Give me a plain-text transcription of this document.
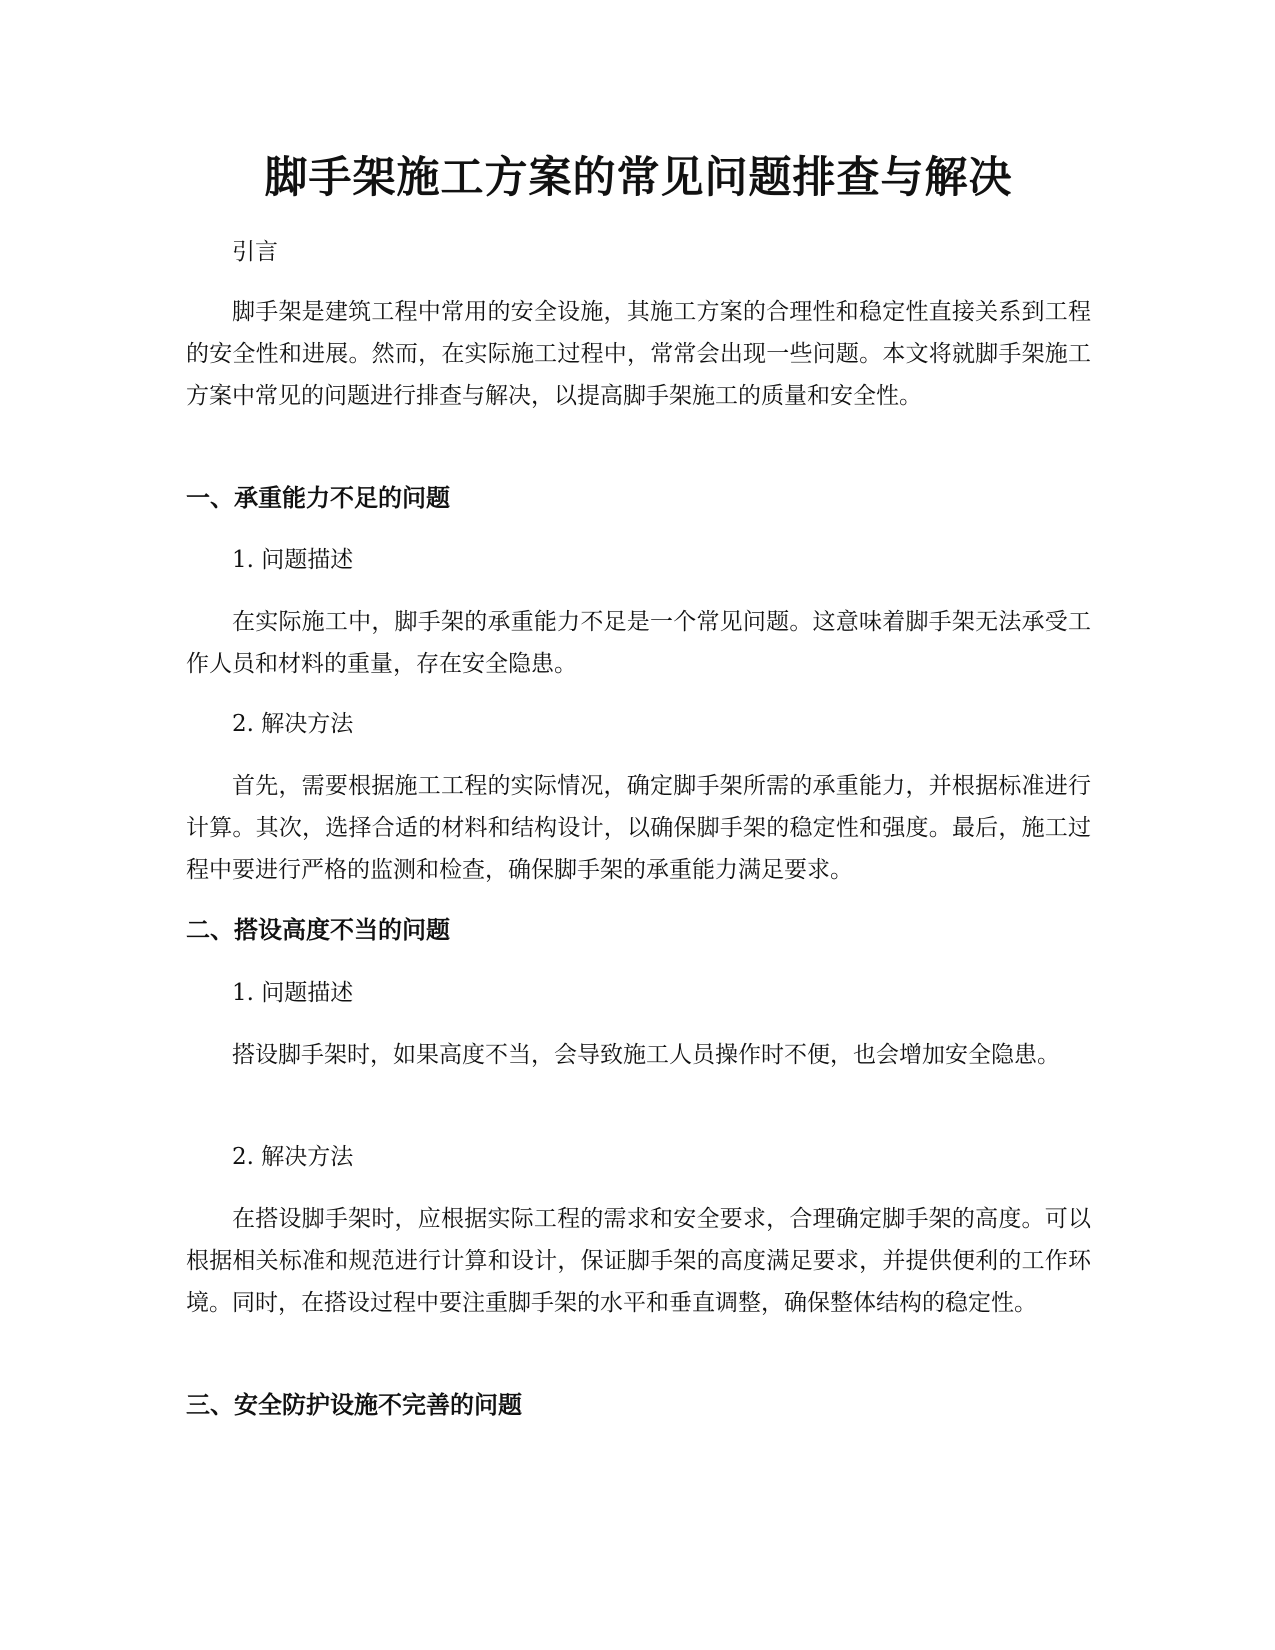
脚手架施工方案的常见问题排查与解决

引言

脚手架是建筑工程中常用的安全设施，其施工方案的合理性和稳定性直接关系到工程的安全性和进展。然而，在实际施工过程中，常常会出现一些问题。本文将就脚手架施工方案中常见的问题进行排查与解决，以提高脚手架施工的质量和安全性。

一、承重能力不足的问题

1. 问题描述

在实际施工中，脚手架的承重能力不足是一个常见问题。这意味着脚手架无法承受工作人员和材料的重量，存在安全隐患。

2. 解决方法

首先，需要根据施工工程的实际情况，确定脚手架所需的承重能力，并根据标准进行计算。其次，选择合适的材料和结构设计，以确保脚手架的稳定性和强度。最后，施工过程中要进行严格的监测和检查，确保脚手架的承重能力满足要求。

二、搭设高度不当的问题

1. 问题描述

搭设脚手架时，如果高度不当，会导致施工人员操作时不便，也会增加安全隐患。

2. 解决方法

在搭设脚手架时，应根据实际工程的需求和安全要求，合理确定脚手架的高度。可以根据相关标准和规范进行计算和设计，保证脚手架的高度满足要求，并提供便利的工作环境。同时，在搭设过程中要注重脚手架的水平和垂直调整，确保整体结构的稳定性。

三、安全防护设施不完善的问题
